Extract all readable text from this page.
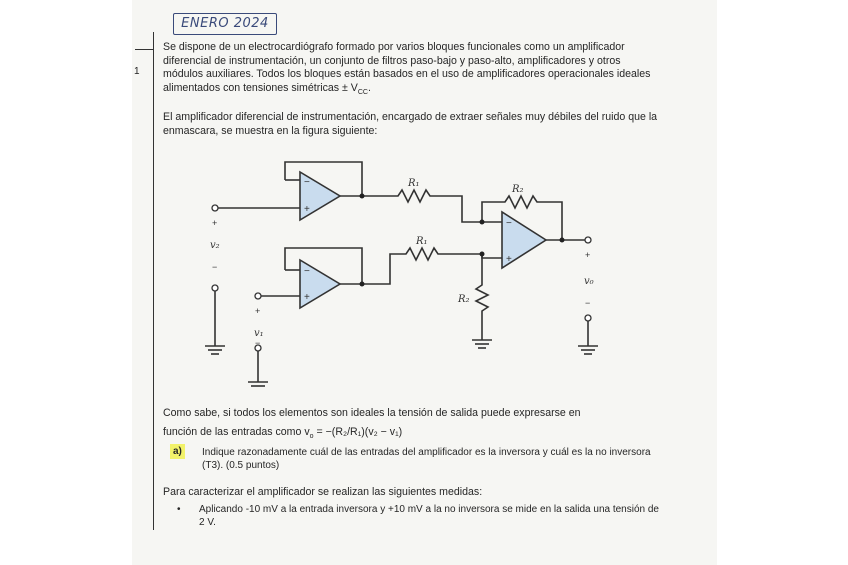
1
ENERO 2024
Se dispone de un electrocardiógrafo formado por varios bloques funcionales como un amplificador diferencial de instrumentación, un conjunto de filtros paso-bajo y paso-alto, amplificadores y otros módulos auxiliares. Todos los bloques están basados en el uso de amplificadores operacionales ideales alimentados con tensiones simétricas ± $V_{CC}$.
El amplificador diferencial de instrumentación, encargado de extraer señales muy débiles del ruido que la enmascara, se muestra en la figura siguiente:
−
+
−
+
−
+
R₁
R₂
R₁
R₂
v₂
v₁
v₀
+
−
+
−
+
−
Como sabe, si todos los elementos son ideales la tensión de salida puede expresarse en
función de las entradas como $v_o = -(R_2/R_1)(v_2 - v_1)$
a)	Indique razonadamente cuál de las entradas del amplificador es la inversora y cuál es la no inversora (T3). (0.5 puntos)
Para caracterizar el amplificador se realizan las siguientes medidas:
•	Aplicando -10 mV a la entrada inversora y +10 mV a la no inversora se mide en la salida una tensión de 2 V.
